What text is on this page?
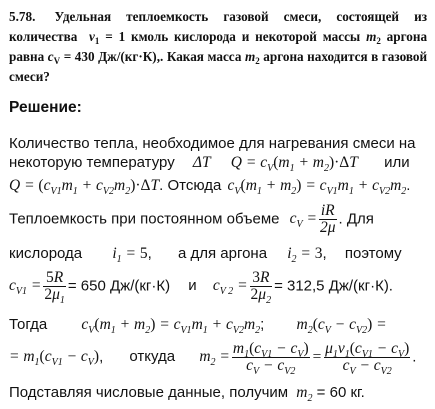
5.78. Удельная теплоемкость газовой смеси, состоящей из количества  $\nu_1 = 1$ кмоль кислорода и некоторой массы $m_2$ аргона равна $c_V = 430$ Дж/(кг·К),. Какая масса $m_2$ аргона находится в газовой смеси?
Решение:
Количество тепла, необходимое для нагревания смеси на
некоторую температуру ΔT $Q = c_V(m_1 + m_2)\cdot\Delta T$ или
$Q = (c_{V1}m_1 + c_{V2}m_2)\cdot\Delta T$. Отсюда $c_V(m_1 + m_2) = c_{V1}m_1 + c_{V2}m_2$.
Теплоемкость при постоянном объеме $c_V = \frac{iR}{2\mu}$ . Для
кислорода $i_1 = 5$, а для аргона $i_2 = 3$, поэтому
$c_{V1} = \frac{5R}{2\mu_1} = 650$ Дж/(кг·К) и $c_{V 2} = \frac{3R}{2\mu_2} = 312,5$ Дж/(кг·К).
Тогда $c_V(m_1 + m_2) = c_{V1}m_1 + c_{V2}m_2$; $m_2(c_V - c_{V2})$ =
= $m_1(c_{V1} - c_V)$, откуда $m_2 = \frac{m_1(c_{V1} - c_V)}{c_V - c_{V2}} = \frac{\mu_1\nu_1(c_{V1} - c_V)}{c_V - c_{V2}}$ .
Подставляя числовые данные, получим $m_2 = 60$ кг.
